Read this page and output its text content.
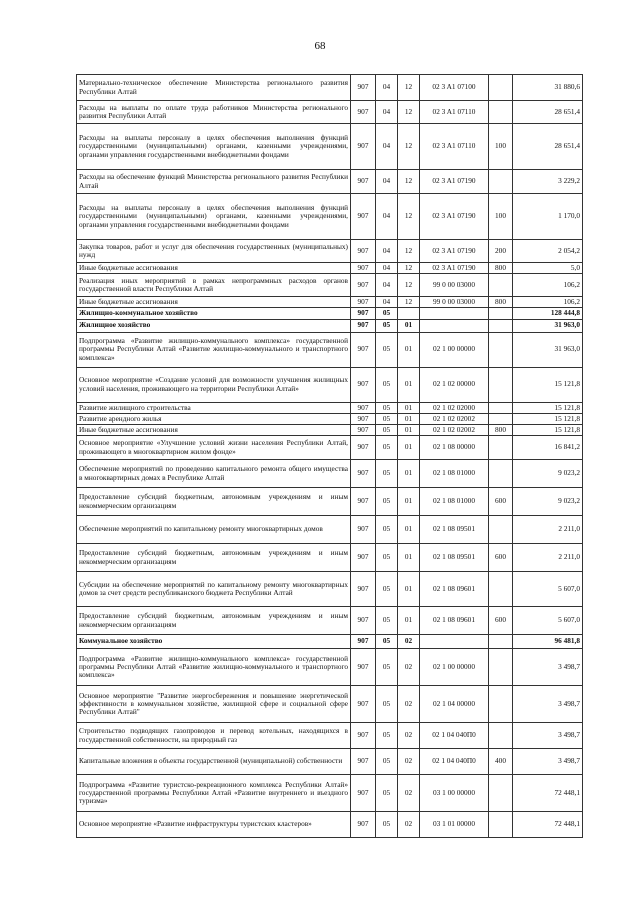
68
Материально-техническое обеспечение Министерства регионального развития Республики Алтай	907	04	12	02 3 A1 07100		31 880,6
Расходы на выплаты по оплате труда работников Министерства регионального развития Республики Алтай	907	04	12	02 3 A1 07110		28 651,4
Расходы на выплаты персоналу в целях обеспечения выполнения функций государственными (муниципальными) органами, казенными учреждениями, органами управления государственными внебюджетными фондами	907	04	12	02 3 A1 07110	100	28 651,4
Расходы на обеспечение функций Министерства регионального развития Республики Алтай	907	04	12	02 3 A1 07190		3 229,2
Расходы на выплаты персоналу в целях обеспечения выполнения функций государственными (муниципальными) органами, казенными учреждениями, органами управления государственными внебюджетными фондами	907	04	12	02 3 A1 07190	100	1 170,0
Закупка товаров, работ и услуг для обеспечения государственных (муниципальных) нужд	907	04	12	02 3 A1 07190	200	2 054,2
Иные бюджетные ассигнования	907	04	12	02 3 A1 07190	800	5,0
Реализация иных мероприятий в рамках непрограммных расходов органов государственной власти Республики Алтай	907	04	12	99 0 00 03000		106,2
Иные бюджетные ассигнования	907	04	12	99 0 00 03000	800	106,2
Жилищно-коммунальное хозяйство	907	05				128 444,8
Жилищное хозяйство	907	05	01			31 963,0
Подпрограмма «Развитие жилищно-коммунального комплекса» государственной программы Республики Алтай «Развитие жилищно-коммунального и транспортного комплекса»	907	05	01	02 1 00 00000		31 963,0
Основное мероприятие «Создание условий для возможности улучшения жилищных условий населения, проживающего на территории Республики Алтай»	907	05	01	02 1 02 00000		15 121,8
Развитие жилищного строительства	907	05	01	02 1 02 02000		15 121,8
Развитие арендного жилья	907	05	01	02 1 02 02002		15 121,8
Иные бюджетные ассигнования	907	05	01	02 1 02 02002	800	15 121,8
Основное мероприятие «Улучшение условий жизни населения Республики Алтай, проживающего в многоквартирном жилом фонде»	907	05	01	02 1 08 00000		16 841,2
Обеспечение мероприятий по проведению капитального ремонта общего имущества в многоквартирных домах в Республике Алтай	907	05	01	02 1 08 01000		9 023,2
Предоставление субсидий бюджетным, автономным учреждениям и иным некоммерческим организациям	907	05	01	02 1 08 01000	600	9 023,2
Обеспечение мероприятий по капитальному ремонту многоквартирных домов	907	05	01	02 1 08 09501		2 211,0
Предоставление субсидий бюджетным, автономным учреждениям и иным некоммерческим организациям	907	05	01	02 1 08 09501	600	2 211,0
Субсидии на обеспечение мероприятий по капитальному ремонту многоквартирных домов за счет средств республиканского бюджета Республики Алтай	907	05	01	02 1 08 09601		5 607,0
Предоставление субсидий бюджетным, автономным учреждениям и иным некоммерческим организациям	907	05	01	02 1 08 09601	600	5 607,0
Коммунальное хозяйство	907	05	02			96 481,8
Подпрограмма «Развитие жилищно-коммунального комплекса» государственной программы Республики Алтай «Развитие жилищно-коммунального и транспортного комплекса»	907	05	02	02 1 00 00000		3 498,7
Основное мероприятие "Развитие энергосбережения и повышение энергетической эффективности в коммунальном хозяйстве, жилищной сфере и социальной сфере Республики Алтай"	907	05	02	02 1 04 00000		3 498,7
Строительство подводящих газопроводов и перевод котельных, находящихся в государственной собственности, на природный газ	907	05	02	02 1 04 040П0		3 498,7
Капитальные вложения в объекты государственной (муниципальной) собственности	907	05	02	02 1 04 040П0	400	3 498,7
Подпрограмма «Развитие туристско-рекреационного комплекса Республики Алтай» государственной программы Республики Алтай «Развитие внутреннего и въездного туризма»	907	05	02	03 1 00 00000		72 448,1
Основное мероприятие «Развитие инфраструктуры туристских кластеров»	907	05	02	03 1 01 00000		72 448,1
